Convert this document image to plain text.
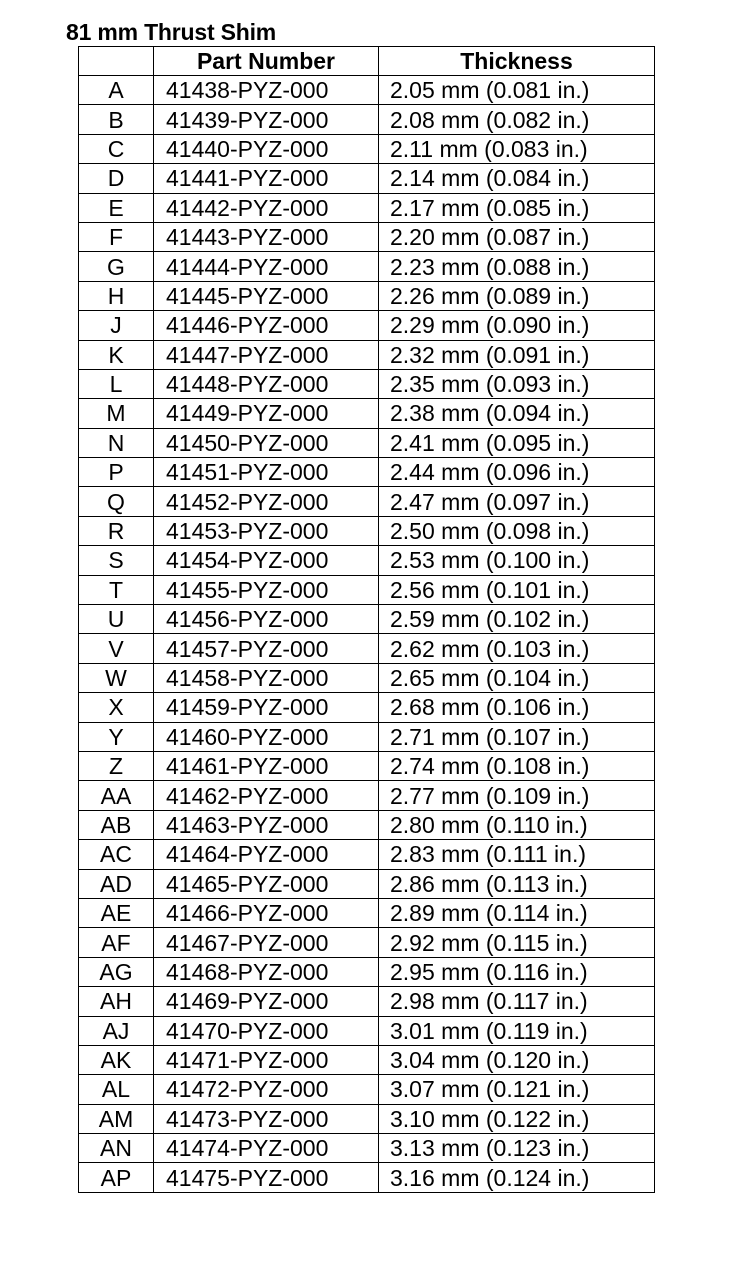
81 mm Thrust Shim
	Part Number	Thickness
A	41438-PYZ-000	2.05 mm (0.081 in.)
B	41439-PYZ-000	2.08 mm (0.082 in.)
C	41440-PYZ-000	2.11 mm (0.083 in.)
D	41441-PYZ-000	2.14 mm (0.084 in.)
E	41442-PYZ-000	2.17 mm (0.085 in.)
F	41443-PYZ-000	2.20 mm (0.087 in.)
G	41444-PYZ-000	2.23 mm (0.088 in.)
H	41445-PYZ-000	2.26 mm (0.089 in.)
J	41446-PYZ-000	2.29 mm (0.090 in.)
K	41447-PYZ-000	2.32 mm (0.091 in.)
L	41448-PYZ-000	2.35 mm (0.093 in.)
M	41449-PYZ-000	2.38 mm (0.094 in.)
N	41450-PYZ-000	2.41 mm (0.095 in.)
P	41451-PYZ-000	2.44 mm (0.096 in.)
Q	41452-PYZ-000	2.47 mm (0.097 in.)
R	41453-PYZ-000	2.50 mm (0.098 in.)
S	41454-PYZ-000	2.53 mm (0.100 in.)
T	41455-PYZ-000	2.56 mm (0.101 in.)
U	41456-PYZ-000	2.59 mm (0.102 in.)
V	41457-PYZ-000	2.62 mm (0.103 in.)
W	41458-PYZ-000	2.65 mm (0.104 in.)
X	41459-PYZ-000	2.68 mm (0.106 in.)
Y	41460-PYZ-000	2.71 mm (0.107 in.)
Z	41461-PYZ-000	2.74 mm (0.108 in.)
AA	41462-PYZ-000	2.77 mm (0.109 in.)
AB	41463-PYZ-000	2.80 mm (0.110 in.)
AC	41464-PYZ-000	2.83 mm (0.111 in.)
AD	41465-PYZ-000	2.86 mm (0.113 in.)
AE	41466-PYZ-000	2.89 mm (0.114 in.)
AF	41467-PYZ-000	2.92 mm (0.115 in.)
AG	41468-PYZ-000	2.95 mm (0.116 in.)
AH	41469-PYZ-000	2.98 mm (0.117 in.)
AJ	41470-PYZ-000	3.01 mm (0.119 in.)
AK	41471-PYZ-000	3.04 mm (0.120 in.)
AL	41472-PYZ-000	3.07 mm (0.121 in.)
AM	41473-PYZ-000	3.10 mm (0.122 in.)
AN	41474-PYZ-000	3.13 mm (0.123 in.)
AP	41475-PYZ-000	3.16 mm (0.124 in.)
